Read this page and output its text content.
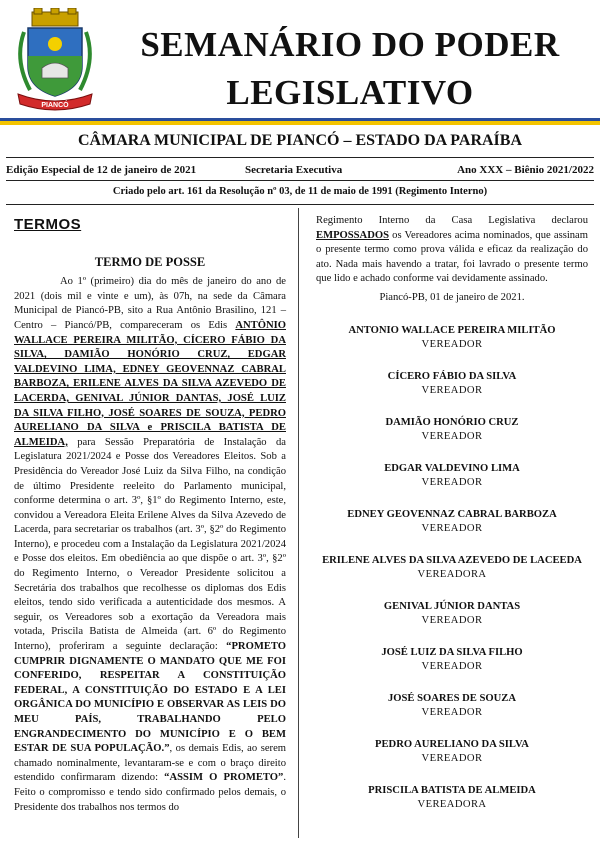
PIANCÓ
SEMANÁRIO DO PODER
LEGISLATIVO
CÂMARA MUNICIPAL DE PIANCÓ – ESTADO DA PARAÍBA
Edição Especial de 12 de janeiro de 2021	Secretaria Executiva	Ano XXX – Biênio 2021/2022
Criado pelo art. 161 da Resolução nº 03, de 11 de maio de 1991 (Regimento Interno)
TERMOS
TERMO DE POSSE

Ao 1º (primeiro) dia do mês de janeiro do ano de 2021 (dois mil e vinte e um), às 07h, na sede da Câmara Municipal de Piancó-PB, sito a Rua Antônio Brasilino, 121 – Centro – Piancó/PB, compareceram os Edis ANTÔNIO WALLACE PEREIRA MILITÃO, CÍCERO FÁBIO DA SILVA, DAMIÃO HONÓRIO CRUZ, EDGAR VALDEVINO LIMA, EDNEY GEOVENNAZ CABRAL BARBOZA, ERILENE ALVES DA SILVA AZEVEDO DE LACERDA, GENIVAL JÚNIOR DANTAS, JOSÉ LUIZ DA SILVA FILHO, JOSÉ SOARES DE SOUZA, PEDRO AURELIANO DA SILVA e PRISCILA BATISTA DE ALMEIDA, para Sessão Preparatória de Instalação da Legislatura 2021/2024 e Posse dos Vereadores Eleitos. Sob a Presidência do Vereador José Luiz da Silva Filho, na condição de último Presidente reeleito do Parlamento municipal, conforme determina o art. 3º, §1º do Regimento Interno, este, convidou a Vereadora Eleita Erilene Alves da Silva Azevedo de Lacerda, para secretariar os trabalhos (art. 3º, §2º do Regimento Interno), e procedeu com a Instalação da Legislatura 2021/2024 e Posse dos eleitos. Em obediência ao que dispõe o art. 3º, §2º do Regimento Interno, o Vereador Presidente solicitou a Secretária dos trabalhos que recolhesse os diplomas dos Edis eleitos, tendo sido verificada a autenticidade dos mesmos. A seguir, os Vereadores sob a exortação da Vereadora mais votada, Priscila Batista de Almeida (art. 6º do Regimento Interno), proferiram a seguinte declaração: “PROMETO CUMPRIR DIGNAMENTE O MANDATO QUE ME FOI CONFERIDO, RESPEITAR A CONSTITUIÇÃO FEDERAL, A CONSTITUIÇÃO DO ESTADO E A LEI ORGÂNICA DO MUNICÍPIO E OBSERVAR AS LEIS DO MEU PAÍS, TRABALHANDO PELO ENGRANDECIMENTO DO MUNICÍPIO E O BEM ESTAR DE SUA POPULAÇÃO.”, os demais Edis, ao serem chamado nominalmente, levantaram-se e com o braço direito estendido confirmaram dizendo: “ASSIM O PROMETO”. Feito o compromisso e tendo sido confirmado pelos demais, o Presidente dos trabalhos nos termos do

Regimento Interno da Casa Legislativa declarou EMPOSSADOS os Vereadores acima nominados, que assinam o presente termo como prova válida e eficaz da realização do ato. Nada mais havendo a tratar, foi lavrado o presente termo que lido e achado conforme vai devidamente assinado.

Piancó-PB, 01 de janeiro de 2021.
ANTONIO WALLACE PEREIRA MILITÃO
VEREADOR
CÍCERO FÁBIO DA SILVA
VEREADOR
DAMIÃO HONÓRIO CRUZ
VEREADOR
EDGAR VALDEVINO LIMA
VEREADOR
EDNEY GEOVENNAZ CABRAL BARBOZA
VEREADOR
ERILENE ALVES DA SILVA AZEVEDO DE LACEEDA
VEREADORA
GENIVAL JÚNIOR DANTAS
VEREADOR
JOSÉ LUIZ DA SILVA FILHO
VEREADOR
JOSÉ SOARES DE SOUZA
VEREADOR
PEDRO AURELIANO DA SILVA
VEREADOR
PRISCILA BATISTA DE ALMEIDA
VEREADORA
